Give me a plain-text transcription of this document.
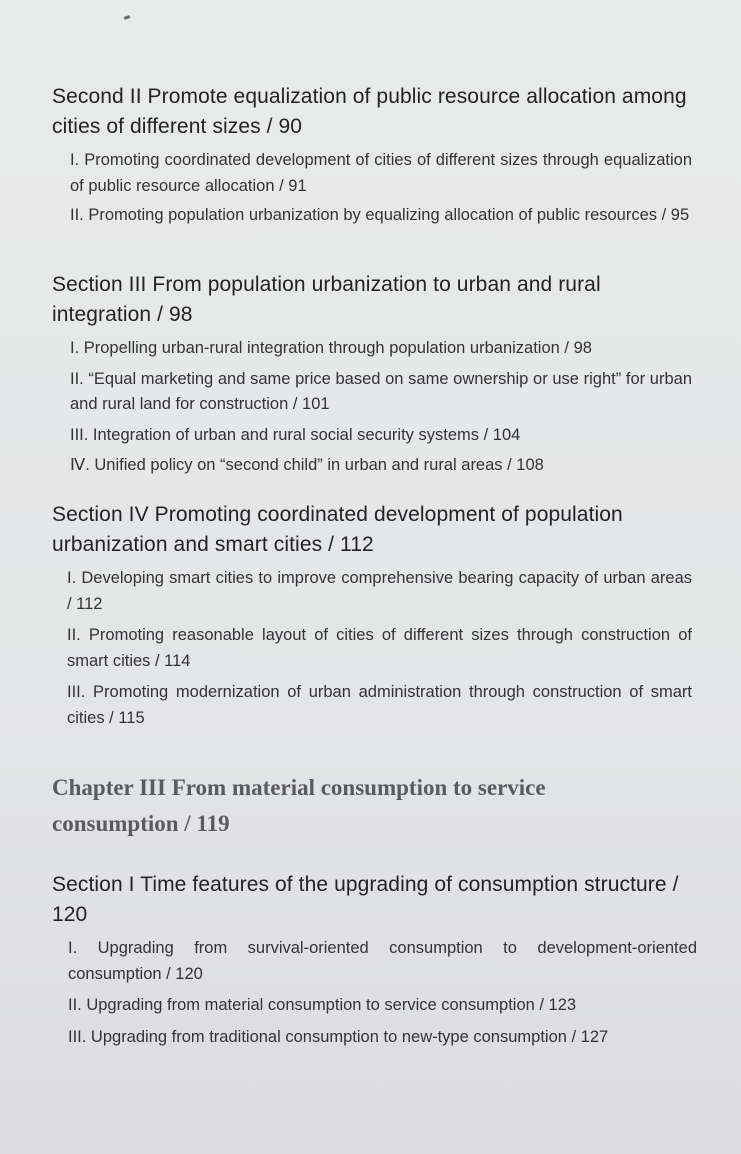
Second II Promote equalization of public resource allocation among cities of different sizes / 90

I. Promoting coordinated development of cities of different sizes through equalization of public resource allocation / 91

II. Promoting population urbanization by equalizing allocation of public resources / 95

Section III From population urbanization to urban and rural integration / 98

I. Propelling urban-rural integration through population urbanization / 98

II. “Equal marketing and same price based on same ownership or use right” for urban and rural land for construction / 101

III. Integration of urban and rural social security systems / 104

Ⅳ. Unified policy on “second child” in urban and rural areas / 108

Section IV Promoting coordinated development of population urbanization and smart cities / 112

I. Developing smart cities to improve comprehensive bearing capacity of urban areas / 112

II. Promoting reasonable layout of cities of different sizes through construction of smart cities / 114

III. Promoting modernization of urban administration through construction of smart cities / 115

Chapter III From material consumption to service consumption / 119

Section I Time features of the upgrading of consumption structure / 120

I. Upgrading from survival-oriented consumption to development-oriented consumption / 120

II. Upgrading from material consumption to service consumption / 123

III. Upgrading from traditional consumption to new-type consumption / 127
